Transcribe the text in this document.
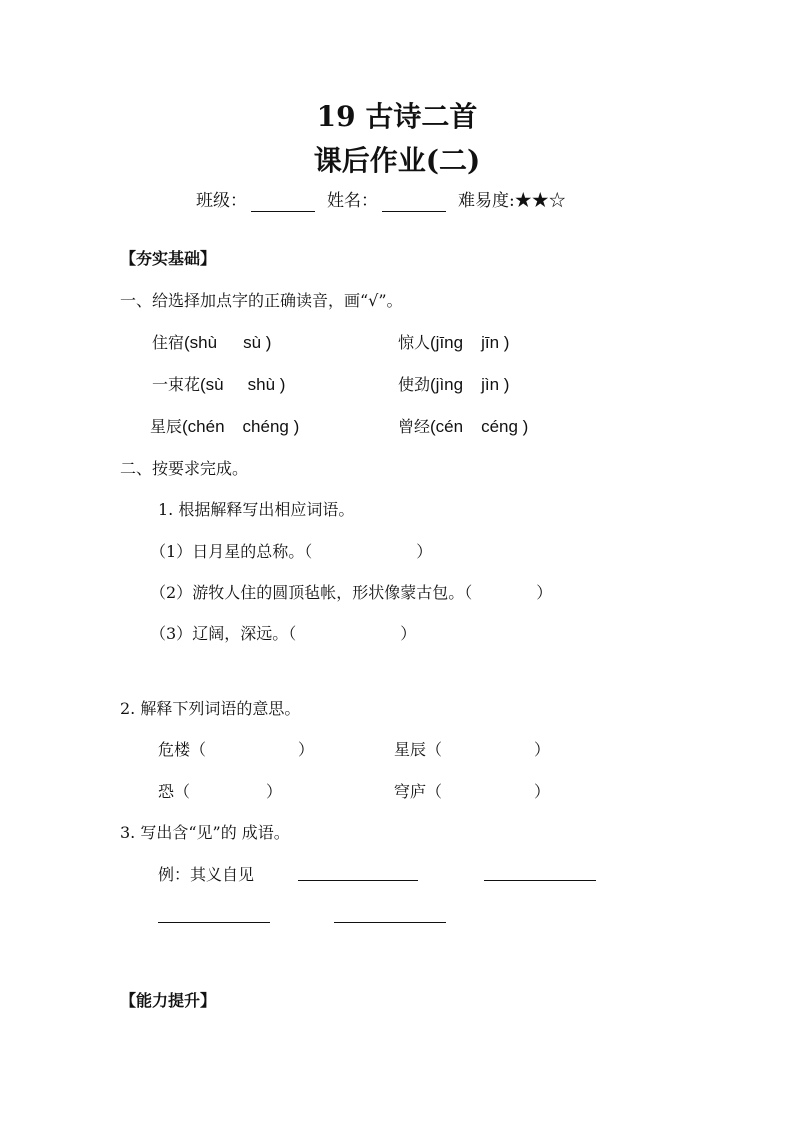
19 古诗二首
课后作业(二)
班级：	姓名：	难易度:★★☆
【夯实基础】
一、给选择加点字的正确读音，画“√”。
住宿(shù sù )	惊人(jīng jīn )
一束花(sù shù )	使劲(jìng jìn )
星辰(chén chéng )	曾经(cén céng )
二、按要求完成。
1. 根据解释写出相应词语。
（1）日月星的总称。（	）
（2）游牧人住的圆顶毡帐，形状像蒙古包。（	）
（3）辽阔，深远。（	）
2. 解释下列词语的意思。
危楼（	）	星辰（	）
恐（	）	穹庐（	）
3. 写出含“见”的 成语。
例：其义自见
【能力提升】
